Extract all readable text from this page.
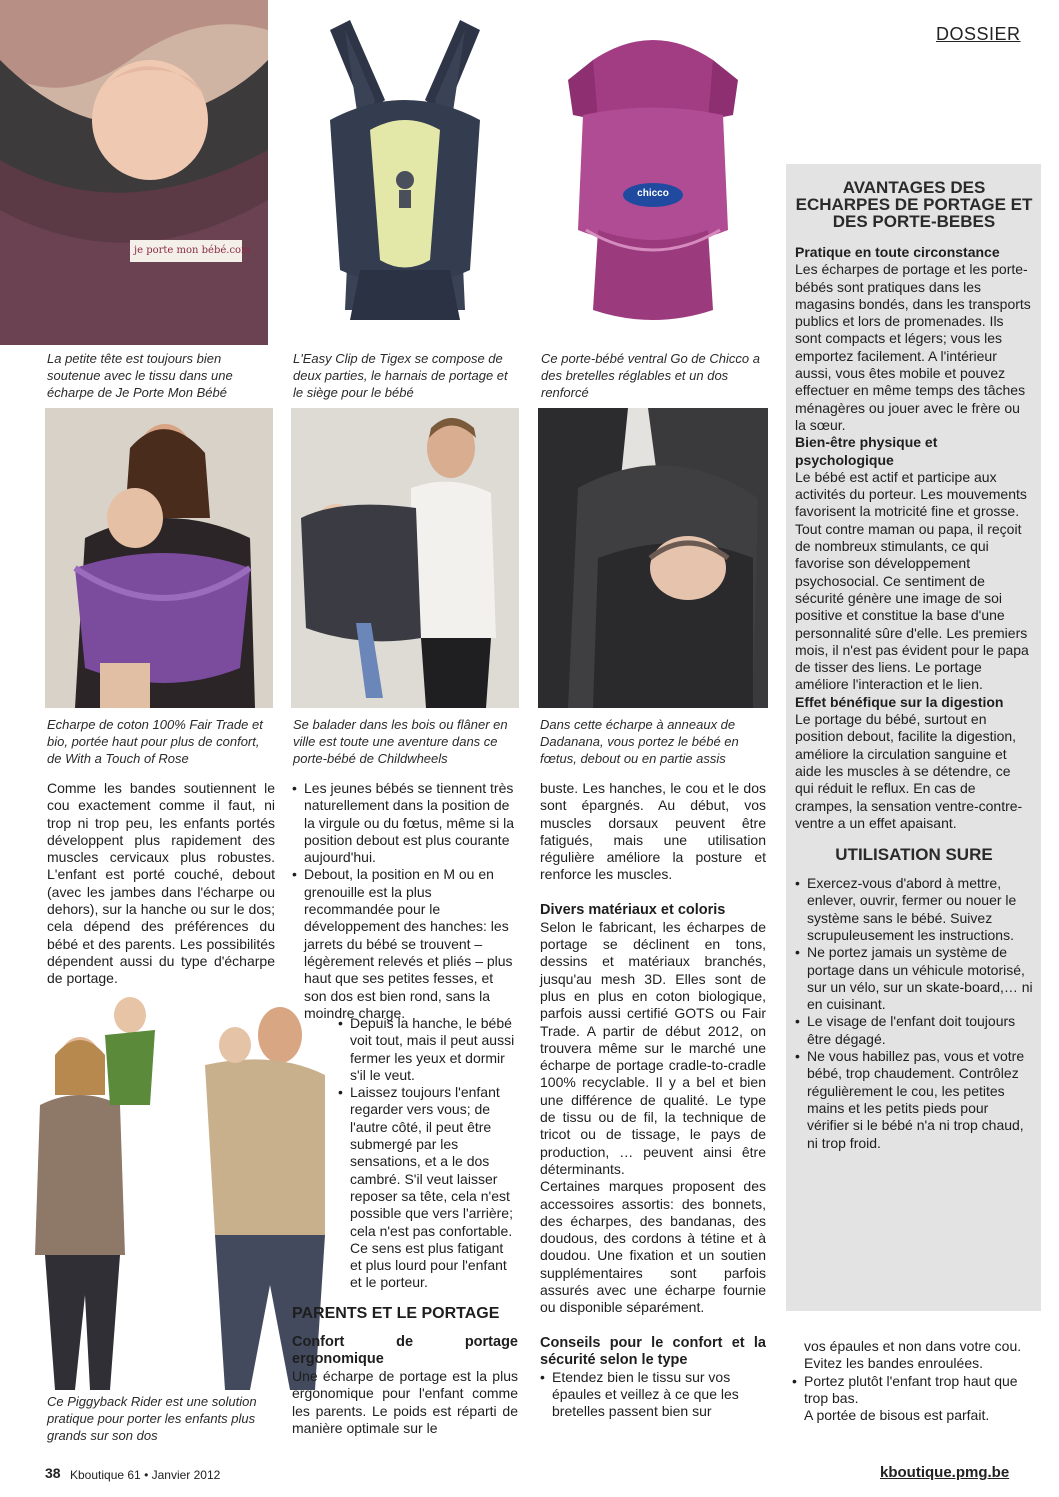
DOSSIER
je porte mon bébé.com
chicco
La petite tête est toujours bien soutenue avec le tissu dans une écharpe de Je Porte Mon Bébé
L'Easy Clip de Tigex se compose de deux parties, le harnais de portage et le siège pour le bébé
Ce porte-bébé ventral Go de Chicco a des bretelles réglables et un dos renforcé
Echarpe de coton 100% Fair Trade et bio, portée haut pour plus de confort, de With a Touch of Rose
Se balader dans les bois ou flâner en ville est toute une aventure dans ce porte-bébé de Childwheels
Dans cette écharpe à anneaux de Dadanana, vous portez le bébé en fœtus, debout ou en partie assis

Comme les bandes soutiennent le cou exactement comme il faut, ni trop ni trop peu, les enfants portés développent plus rapidement des muscles cervicaux plus robustes. L'enfant est porté couché, debout (avec les jambes dans l'écharpe ou dehors), sur la hanche ou sur le dos; cela dépend des préférences du bébé et des parents. Les possibilités dépendent aussi du type d'écharpe de portage.

Ce Piggyback Rider est une solution pratique pour porter les enfants plus grands sur son dos

• Les jeunes bébés se tiennent très naturellement dans la position de la virgule ou du fœtus, même si la position debout est plus courante aujourd'hui.

• Debout, la position en M ou en grenouille est la plus recommandée pour le développement des hanches: les jarrets du bébé se trouvent – légèrement relevés et pliés – plus haut que ses petites fesses, et son dos est bien rond, sans la moindre charge.

• Depuis la hanche, le bébé voit tout, mais il peut aussi fermer les yeux et dormir s'il le veut.

• Laissez toujours l'enfant regarder vers vous; de l'autre côté, il peut être submergé par les sensations, et a le dos cambré. S'il veut laisser reposer sa tête, cela n'est possible que vers l'arrière; cela n'est pas confortable. Ce sens est plus fatigant et plus lourd pour l'enfant et le porteur.

PARENTS ET LE PORTAGE

Confort de portage ergonomique

Une écharpe de portage est la plus ergonomique pour l'enfant comme les parents. Le poids est réparti de manière optimale sur le

buste. Les hanches, le cou et le dos sont épargnés. Au début, vos muscles dorsaux peuvent être fatigués, mais une utilisation régulière améliore la posture et renforce les muscles.

Divers matériaux et coloris

Selon le fabricant, les écharpes de portage se déclinent en tons, dessins et matériaux branchés, jusqu'au mesh 3D. Elles sont de plus en plus en coton biologique, parfois aussi certifié GOTS ou Fair Trade. A partir de début 2012, on trouvera même sur le marché une écharpe de portage cradle-to-cradle 100% recyclable. Il y a bel et bien une différence de qualité. Le type de tissu ou de fil, la technique de tricot ou de tissage, le pays de production, … peuvent ainsi être déterminants.

Certaines marques proposent des accessoires assortis: des bonnets, des écharpes, des bandanas, des doudous, des cordons à tétine et à doudou. Une fixation et un soutien supplémentaires sont parfois assurés avec une écharpe fournie ou disponible séparément.

Conseils pour le confort et la sécurité selon le type

• Etendez bien le tissu sur vos épaules et veillez à ce que les bretelles passent bien sur

AVANTAGES DES ECHARPES DE PORTAGE ET DES PORTE-BEBES

Pratique en toute circonstance

Les écharpes de portage et les porte-bébés sont pratiques dans les magasins bondés, dans les transports publics et lors de promenades. Ils sont compacts et légers; vous les emportez facilement. A l'intérieur aussi, vous êtes mobile et pouvez effectuer en même temps des tâches ménagères ou jouer avec le frère ou la sœur.

Bien-être physique et psychologique

Le bébé est actif et participe aux activités du porteur. Les mouvements favorisent la motricité fine et grosse. Tout contre maman ou papa, il reçoit de nombreux stimulants, ce qui favorise son développement psychosocial. Ce sentiment de sécurité génère une image de soi positive et constitue la base d'une personnalité sûre d'elle. Les premiers mois, il n'est pas évident pour le papa de tisser des liens. Le portage améliore l'interaction et le lien.

Effet bénéfique sur la digestion

Le portage du bébé, surtout en position debout, facilite la digestion, améliore la circulation sanguine et aide les muscles à se détendre, ce qui réduit le reflux. En cas de crampes, la sensation ventre-contre-ventre a un effet apaisant.

UTILISATION SURE

• Exercez-vous d'abord à mettre, enlever, ouvrir, fermer ou nouer le système sans le bébé. Suivez scrupuleusement les instructions.

• Ne portez jamais un système de portage dans un véhicule motorisé, sur un vélo, sur un skate-board,… ni en cuisinant.

• Le visage de l'enfant doit toujours être dégagé.

• Ne vous habillez pas, vous et votre bébé, trop chaudement. Contrôlez régulièrement le cou, les petites mains et les petits pieds pour vérifier si le bébé n'a ni trop chaud, ni trop froid.

vos épaules et non dans votre cou.

Evitez les bandes enroulées.

• Portez plutôt l'enfant trop haut que trop bas.

A portée de bisous est parfait.

38 Kboutique 61 • Janvier 2012	kboutique.pmg.be
